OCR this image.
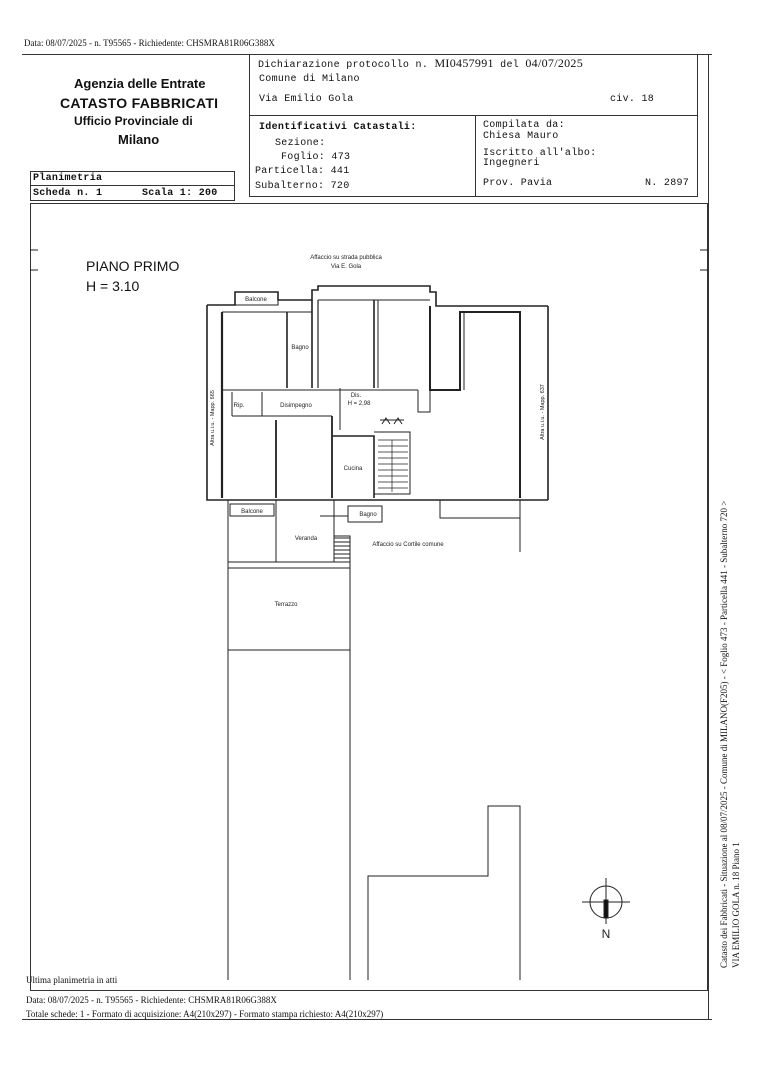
Data: 08/07/2025 - n. T95565 - Richiedente: CHSMRA81R06G388X
Agenzia delle Entrate
CATASTO FABBRICATI
Ufficio Provinciale di
Milano
Dichiarazione protocollo n. MI0457991 del 04/07/2025
Comune di Milano
Via Emilio Gola	civ. 18
Identificativi Catastali:
Sezione:
Foglio: 473
Particella: 441
Subalterno: 720
Compilata da:
Chiesa Mauro
Iscritto all'albo:
Ingegneri
Prov. Pavia	N. 2897
Planimetria
Scheda n. 1	Scala 1: 200
Affaccio su strada pubblica
Via E. Gola
Balcone
Bagno
Rip.	Disimpegno
Dis.
H = 2,98
Cucina
Balcone	Bagno
Veranda
Affaccio su Cortile comune
Terrazzo
Altra u.i.u. - Mapp. 665	Altra u.i.u. - Mapp. 637
N
PIANO PRIMO
H = 3.10
Catasto dei Fabbricati - Situazione al 08/07/2025 - Comune di MILANO(F205) - < Foglio 473 - Particella 441 - Subalterno 720 > VIA EMILIO GOLA n. 18 Piano 1
Ultima planimetria in atti
Data: 08/07/2025 - n. T95565 - Richiedente: CHSMRA81R06G388X
Totale schede: 1 - Formato di acquisizione: A4(210x297) - Formato stampa richiesto: A4(210x297)
